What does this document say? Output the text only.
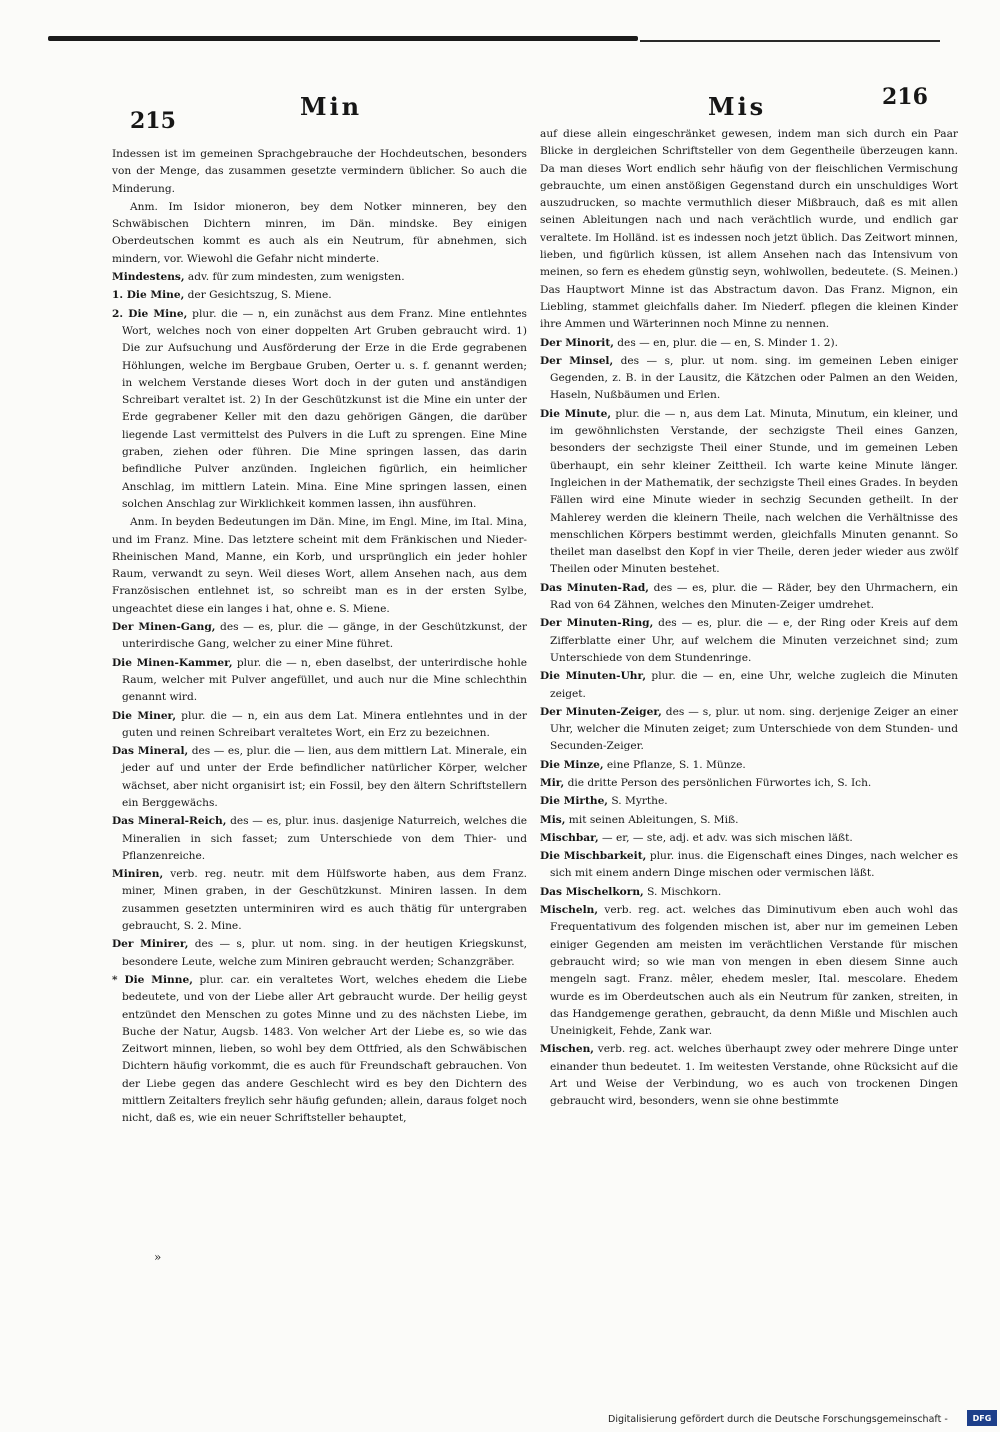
215	Min	Mis	216

Indessen ist im gemeinen Sprachgebrauche der Hochdeutschen, besonders von der Menge, das zusammen gesetzte vermindern üblicher. So auch die Minderung.

Anm. Im Isidor mioneron, bey dem Notker minneren, bey den Schwäbischen Dichtern minren, im Dän. mindske. Bey einigen Oberdeutschen kommt es auch als ein Neutrum, für abnehmen, sich mindern, vor. Wiewohl die Gefahr nicht minderte.

Mindestens, adv. für zum mindesten, zum wenigsten.

1. Die Mine, der Gesichtszug, S. Miene.

2. Die Mine, plur. die — n, ein zunächst aus dem Franz. Mine entlehntes Wort, welches noch von einer doppelten Art Gruben gebraucht wird. 1) Die zur Aufsuchung und Ausförderung der Erze in die Erde gegrabenen Höhlungen, welche im Bergbaue Gruben, Oerter u. s. f. genannt werden; in welchem Verstande dieses Wort doch in der guten und anständigen Schreibart veraltet ist. 2) In der Geschützkunst ist die Mine ein unter der Erde gegrabener Keller mit den dazu gehörigen Gängen, die darüber liegende Last vermittelst des Pulvers in die Luft zu sprengen. Eine Mine graben, ziehen oder führen. Die Mine springen lassen, das darin befindliche Pulver anzünden. Ingleichen figürlich, ein heimlicher Anschlag, im mittlern Latein. Mina. Eine Mine springen lassen, einen solchen Anschlag zur Wirklichkeit kommen lassen, ihn ausführen.

Anm. In beyden Bedeutungen im Dän. Mine, im Engl. Mine, im Ital. Mina, und im Franz. Mine. Das letztere scheint mit dem Fränkischen und Nieder-Rheinischen Mand, Manne, ein Korb, und ursprünglich ein jeder hohler Raum, verwandt zu seyn. Weil dieses Wort, allem Ansehen nach, aus dem Französischen entlehnet ist, so schreibt man es in der ersten Sylbe, ungeachtet diese ein langes i hat, ohne e. S. Miene.

Der Minen-Gang, des — es, plur. die — gänge, in der Geschützkunst, der unterirdische Gang, welcher zu einer Mine führet.

Die Minen-Kammer, plur. die — n, eben daselbst, der unterirdische hohle Raum, welcher mit Pulver angefüllet, und auch nur die Mine schlechthin genannt wird.

Die Miner, plur. die — n, ein aus dem Lat. Minera entlehntes und in der guten und reinen Schreibart veraltetes Wort, ein Erz zu bezeichnen.

Das Mineral, des — es, plur. die — lien, aus dem mittlern Lat. Minerale, ein jeder auf und unter der Erde befindlicher natürlicher Körper, welcher wächset, aber nicht organisirt ist; ein Fossil, bey den ältern Schriftstellern ein Berggewächs.

Das Mineral-Reich, des — es, plur. inus. dasjenige Naturreich, welches die Mineralien in sich fasset; zum Unterschiede von dem Thier- und Pflanzenreiche.

Miniren, verb. reg. neutr. mit dem Hülfsworte haben, aus dem Franz. miner, Minen graben, in der Geschützkunst. Miniren lassen. In dem zusammen gesetzten unterminiren wird es auch thätig für untergraben gebraucht, S. 2. Mine.

Der Minirer, des — s, plur. ut nom. sing. in der heutigen Kriegskunst, besondere Leute, welche zum Miniren gebraucht werden; Schanzgräber.

* Die Minne, plur. car. ein veraltetes Wort, welches ehedem die Liebe bedeutete, und von der Liebe aller Art gebraucht wurde. Der heilig geyst entzündet den Menschen zu gotes Minne und zu des nächsten Liebe, im Buche der Natur, Augsb. 1483. Von welcher Art der Liebe es, so wie das Zeitwort minnen, lieben, so wohl bey dem Ottfried, als den Schwäbischen Dichtern häufig vorkommt, die es auch für Freundschaft gebrauchen. Von der Liebe gegen das andere Geschlecht wird es bey den Dichtern des mittlern Zeitalters freylich sehr häufig gefunden; allein, daraus folget noch nicht, daß es, wie ein neuer Schriftsteller behauptet,

auf diese allein eingeschränket gewesen, indem man sich durch ein Paar Blicke in dergleichen Schriftsteller von dem Gegentheile überzeugen kann. Da man dieses Wort endlich sehr häufig von der fleischlichen Vermischung gebrauchte, um einen anstößigen Gegenstand durch ein unschuldiges Wort auszudrucken, so machte vermuthlich dieser Mißbrauch, daß es mit allen seinen Ableitungen nach und nach verächtlich wurde, und endlich gar veraltete. Im Holländ. ist es indessen noch jetzt üblich. Das Zeitwort minnen, lieben, und figürlich küssen, ist allem Ansehen nach das Intensivum von meinen, so fern es ehedem günstig seyn, wohlwollen, bedeutete. (S. Meinen.) Das Hauptwort Minne ist das Abstractum davon. Das Franz. Mignon, ein Liebling, stammet gleichfalls daher. Im Niederf. pflegen die kleinen Kinder ihre Ammen und Wärterinnen noch Minne zu nennen.

Der Minorit, des — en, plur. die — en, S. Minder 1. 2).

Der Minsel, des — s, plur. ut nom. sing. im gemeinen Leben einiger Gegenden, z. B. in der Lausitz, die Kätzchen oder Palmen an den Weiden, Haseln, Nußbäumen und Erlen.

Die Minute, plur. die — n, aus dem Lat. Minuta, Minutum, ein kleiner, und im gewöhnlichsten Verstande, der sechzigste Theil eines Ganzen, besonders der sechzigste Theil einer Stunde, und im gemeinen Leben überhaupt, ein sehr kleiner Zeittheil. Ich warte keine Minute länger. Ingleichen in der Mathematik, der sechzigste Theil eines Grades. In beyden Fällen wird eine Minute wieder in sechzig Secunden getheilt. In der Mahlerey werden die kleinern Theile, nach welchen die Verhältnisse des menschlichen Körpers bestimmt werden, gleichfalls Minuten genannt. So theilet man daselbst den Kopf in vier Theile, deren jeder wieder aus zwölf Theilen oder Minuten bestehet.

Das Minuten-Rad, des — es, plur. die — Räder, bey den Uhrmachern, ein Rad von 64 Zähnen, welches den Minuten-Zeiger umdrehet.

Der Minuten-Ring, des — es, plur. die — e, der Ring oder Kreis auf dem Zifferblatte einer Uhr, auf welchem die Minuten verzeichnet sind; zum Unterschiede von dem Stundenringe.

Die Minuten-Uhr, plur. die — en, eine Uhr, welche zugleich die Minuten zeiget.

Der Minuten-Zeiger, des — s, plur. ut nom. sing. derjenige Zeiger an einer Uhr, welcher die Minuten zeiget; zum Unterschiede von dem Stunden- und Secunden-Zeiger.

Die Minze, eine Pflanze, S. 1. Münze.

Mir, die dritte Person des persönlichen Fürwortes ich, S. Ich.

Die Mirthe, S. Myrthe.

Mis, mit seinen Ableitungen, S. Miß.

Mischbar, — er, — ste, adj. et adv. was sich mischen läßt.

Die Mischbarkeit, plur. inus. die Eigenschaft eines Dinges, nach welcher es sich mit einem andern Dinge mischen oder vermischen läßt.

Das Mischelkorn, S. Mischkorn.

Mischeln, verb. reg. act. welches das Diminutivum eben auch wohl das Frequentativum des folgenden mischen ist, aber nur im gemeinen Leben einiger Gegenden am meisten im verächtlichen Verstande für mischen gebraucht wird; so wie man von mengen in eben diesem Sinne auch mengeln sagt. Franz. mêler, ehedem mesler, Ital. mescolare. Ehedem wurde es im Oberdeutschen auch als ein Neutrum für zanken, streiten, in das Handgemenge gerathen, gebraucht, da denn Mißle und Mischlen auch Uneinigkeit, Fehde, Zank war.

Mischen, verb. reg. act. welches überhaupt zwey oder mehrere Dinge unter einander thun bedeutet. 1. Im weitesten Verstande, ohne Rücksicht auf die Art und Weise der Verbindung, wo es auch von trockenen Dingen gebraucht wird, besonders, wenn sie ohne bestimmte

»
Digitalisierung gefördert durch die Deutsche Forschungsgemeinschaft -	DFG
